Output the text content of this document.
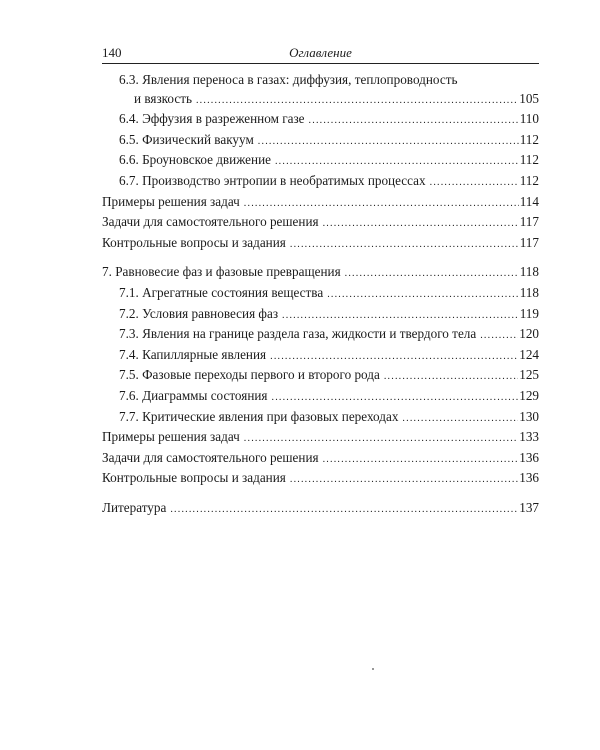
140	Оглавление
6.3. Явления переноса в газах: диффузия, теплопроводность
и вязкость .....	105
6.4. Эффузия в разреженном газе .....	110
6.5. Физический вакуум .....	112
6.6. Броуновское движение .....	112
6.7. Производство энтропии в необратимых процессах .....	112
Примеры решения задач .....	114
Задачи для самостоятельного решения .....	117
Контрольные вопросы и задания .....	117
7. Равновесие фаз и фазовые превращения .....	118
7.1. Агрегатные состояния вещества .....	118
7.2. Условия равновесия фаз .....	119
7.3. Явления на границе раздела газа, жидкости и твердого тела .....	120
7.4. Капиллярные явления .....	124
7.5. Фазовые переходы первого и второго рода .....	125
7.6. Диаграммы состояния .....	129
7.7. Критические явления при фазовых переходах .....	130
Примеры решения задач .....	133
Задачи для самостоятельного решения .....	136
Контрольные вопросы и задания .....	136
Литература .....	137
